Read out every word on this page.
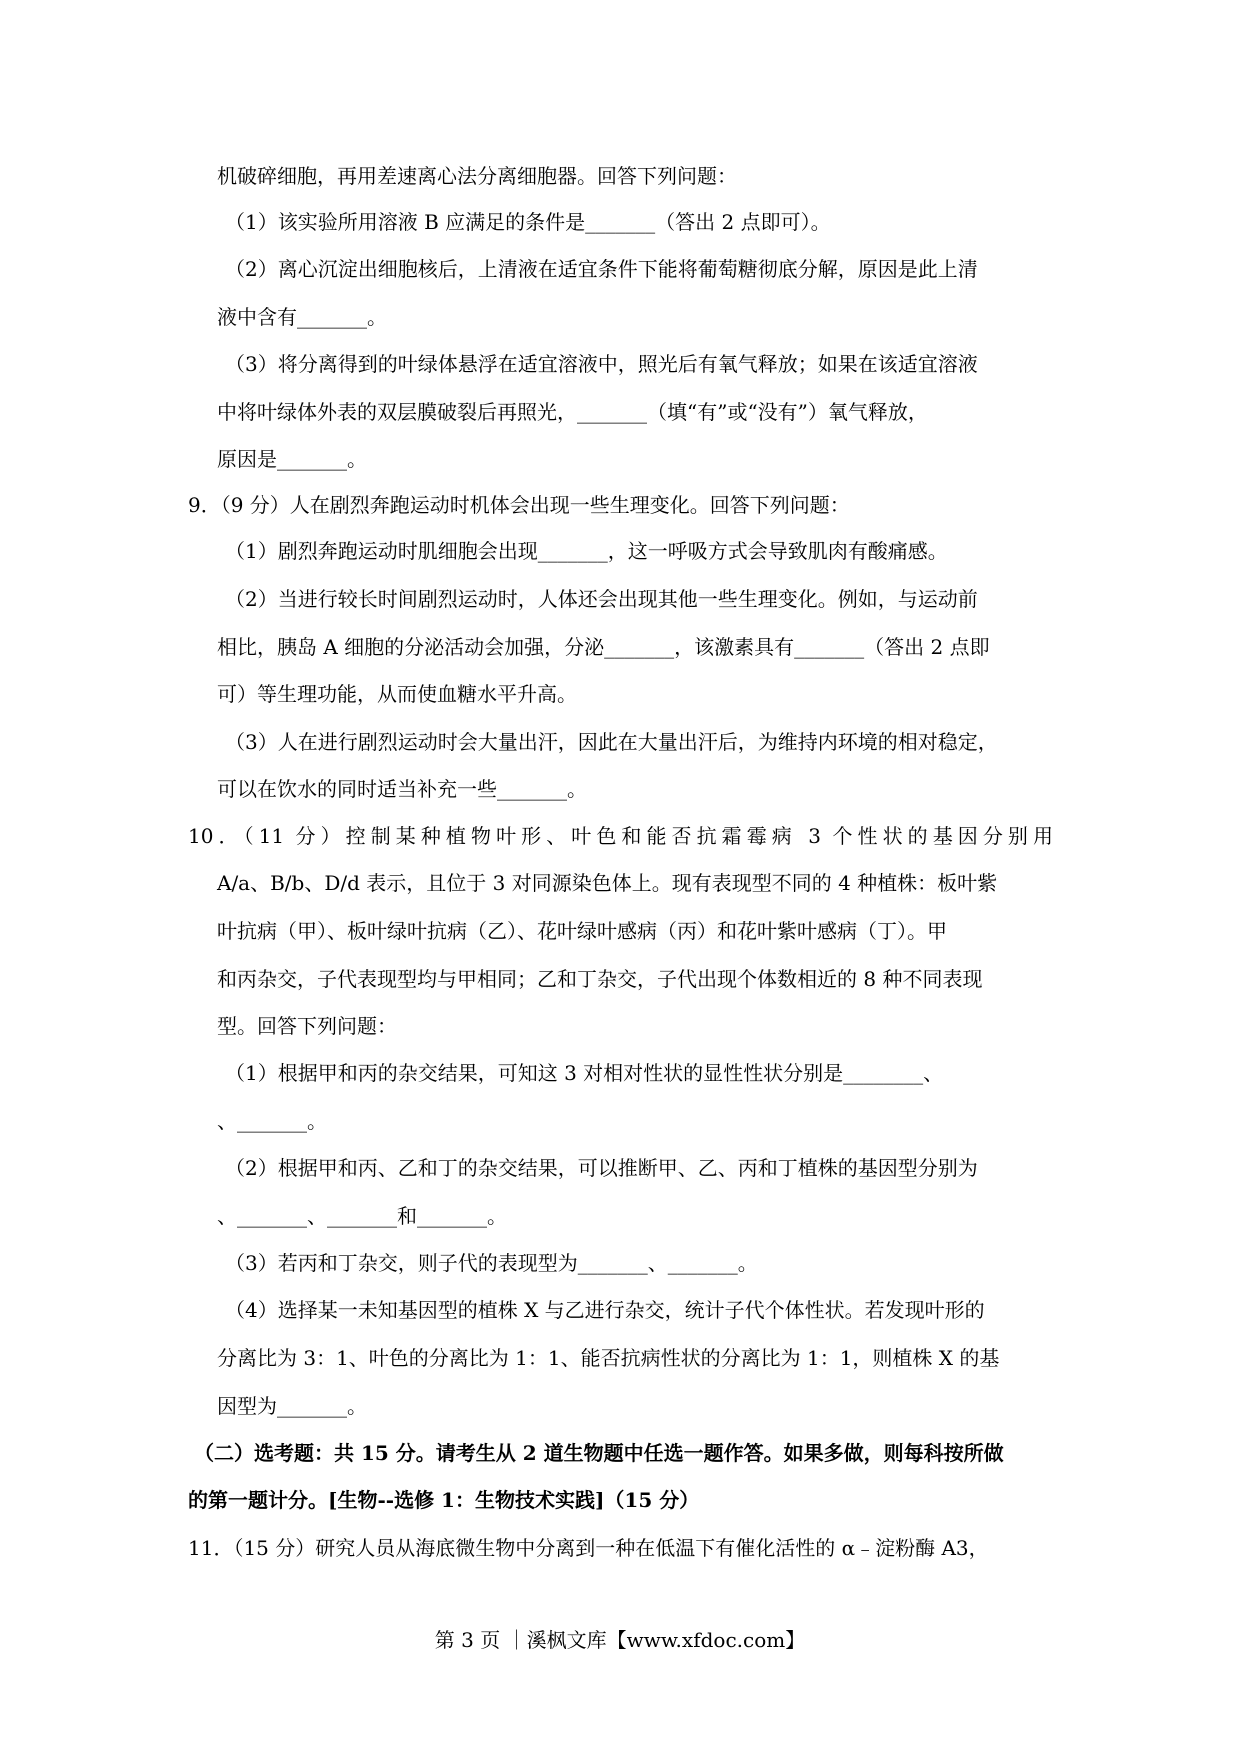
机破碎细胞，再用差速离心法分离细胞器。回答下列问题：
（1）该实验所用溶液 B 应满足的条件是_______（答出 2 点即可）。
（2）离心沉淀出细胞核后，上清液在适宜条件下能将葡萄糖彻底分解，原因是此上清
液中含有_______。
（3）将分离得到的叶绿体悬浮在适宜溶液中，照光后有氧气释放；如果在该适宜溶液
中将叶绿体外表的双层膜破裂后再照光，_______（填“有”或“没有”）氧气释放，
原因是_______。
9．（9 分）人在剧烈奔跑运动时机体会出现一些生理变化。回答下列问题：
（1）剧烈奔跑运动时肌细胞会出现_______，这一呼吸方式会导致肌肉有酸痛感。
（2）当进行较长时间剧烈运动时，人体还会出现其他一些生理变化。例如，与运动前
相比，胰岛 A 细胞的分泌活动会加强，分泌_______，该激素具有_______（答出 2 点即
可）等生理功能，从而使血糖水平升高。
（3）人在进行剧烈运动时会大量出汗，因此在大量出汗后，为维持内环境的相对稳定，
可以在饮水的同时适当补充一些_______。
10．（11 分）控制某种植物叶形、叶色和能否抗霜霉病 3 个性状的基因分别用
A/a、B/b、D/d 表示，且位于 3 对同源染色体上。现有表现型不同的 4 种植株：板叶紫
叶抗病（甲）、板叶绿叶抗病（乙）、花叶绿叶感病（丙）和花叶紫叶感病（丁）。甲
和丙杂交，子代表现型均与甲相同；乙和丁杂交，子代出现个体数相近的 8 种不同表现
型。回答下列问题：
（1）根据甲和丙的杂交结果，可知这 3 对相对性状的显性性状分别是________、
、_______。
（2）根据甲和丙、乙和丁的杂交结果，可以推断甲、乙、丙和丁植株的基因型分别为
、_______、_______和_______。
（3）若丙和丁杂交，则子代的表现型为_______、_______。
（4）选择某一未知基因型的植株 X 与乙进行杂交，统计子代个体性状。若发现叶形的
分离比为 3：1、叶色的分离比为 1：1、能否抗病性状的分离比为 1：1，则植株 X 的基
因型为_______。
（二）选考题：共 15 分。请考生从 2 道生物题中任选一题作答。如果多做，则每科按所做
的第一题计分。[生物--选修 1：生物技术实践]（15 分）
11．（15 分）研究人员从海底微生物中分离到一种在低温下有催化活性的 α﹣淀粉酶 A3，
第 3 页 ｜溪枫文库【www.xfdoc.com】
